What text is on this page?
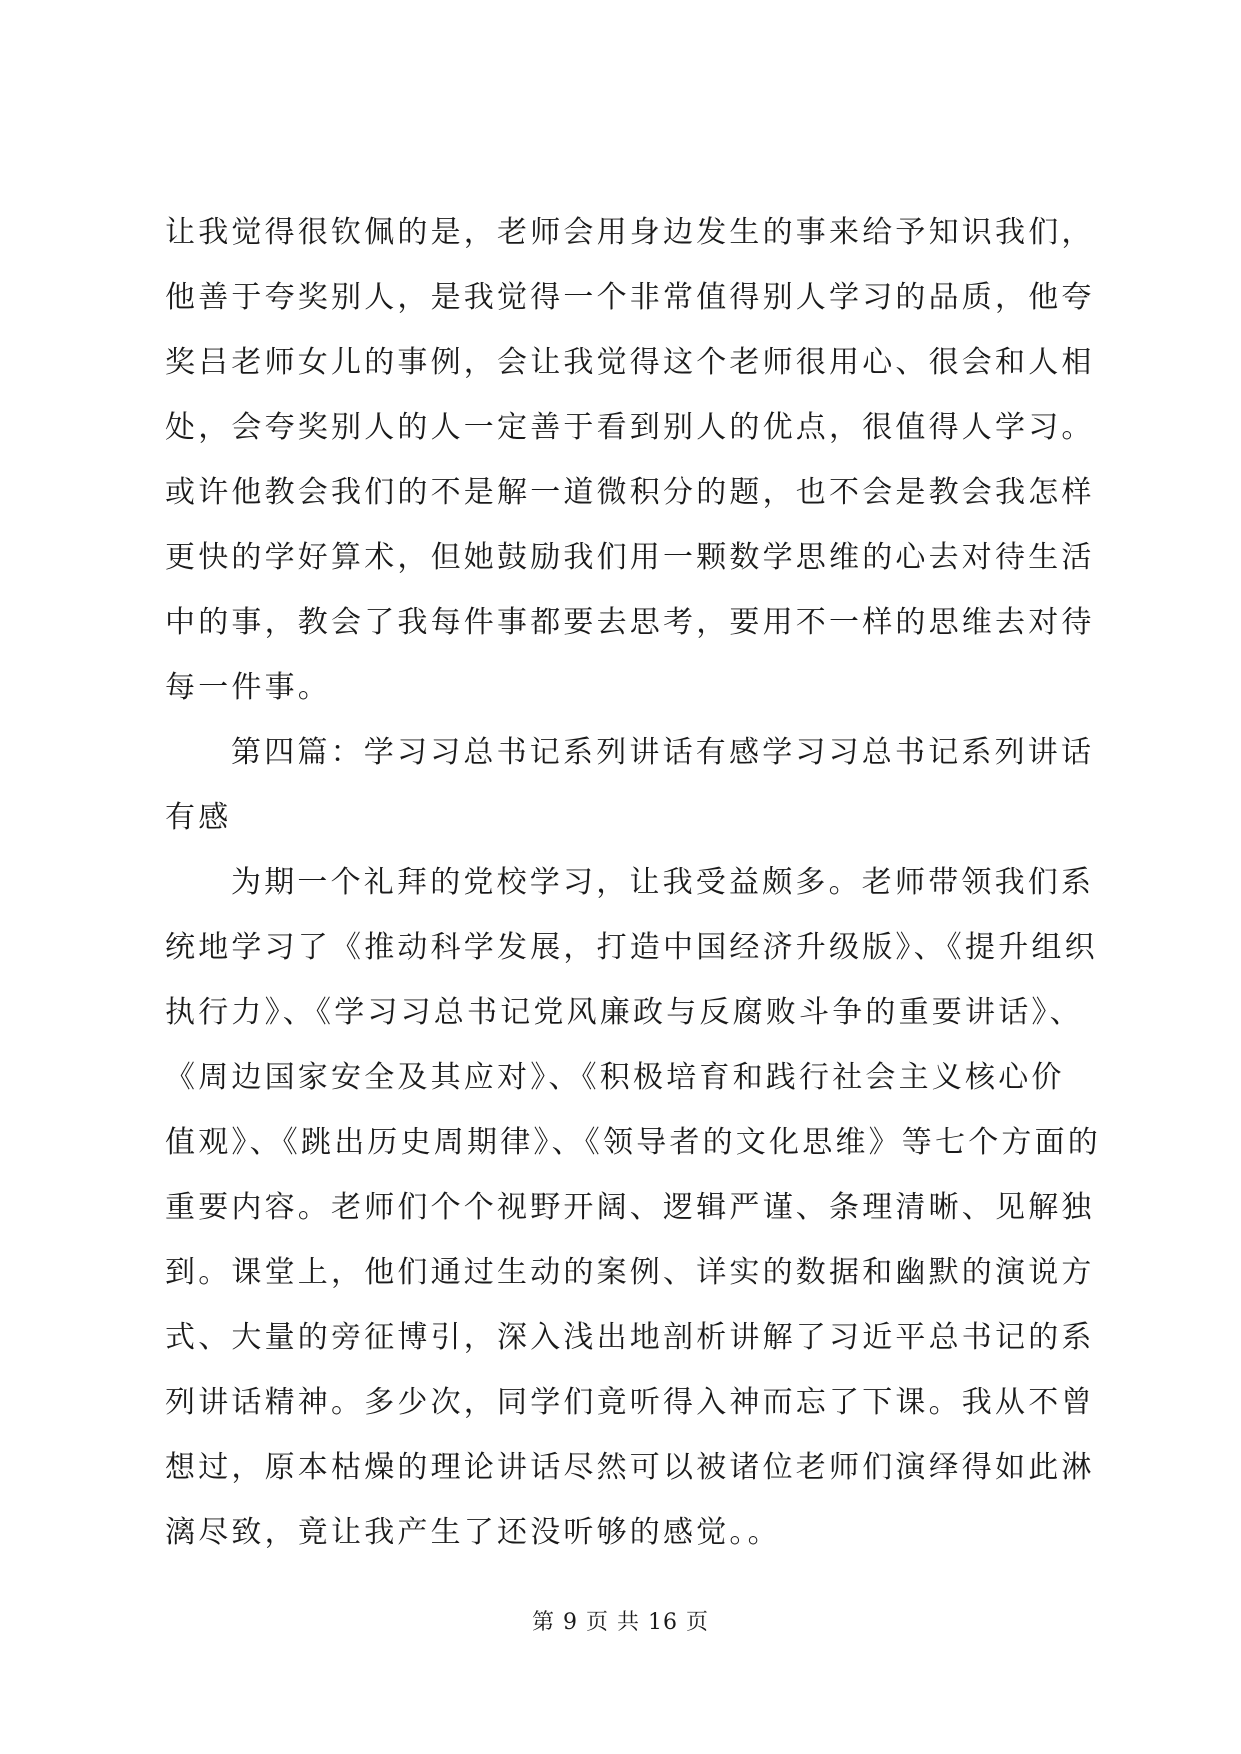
让我觉得很钦佩的是，老师会用身边发生的事来给予知识我们，
他善于夸奖别人，是我觉得一个非常值得别人学习的品质，他夸
奖吕老师女儿的事例，会让我觉得这个老师很用心、很会和人相
处，会夸奖别人的人一定善于看到别人的优点，很值得人学习。
或许他教会我们的不是解一道微积分的题，也不会是教会我怎样
更快的学好算术，但她鼓励我们用一颗数学思维的心去对待生活
中的事，教会了我每件事都要去思考，要用不一样的思维去对待
每一件事。
第四篇：学习习总书记系列讲话有感学习习总书记系列讲话
有感
为期一个礼拜的党校学习，让我受益颇多。老师带领我们系
统地学习了《推动科学发展，打造中国经济升级版》、《提升组织
执行力》、《学习习总书记党风廉政与反腐败斗争的重要讲话》、
《周边国家安全及其应对》、《积极培育和践行社会主义核心价
值观》、《跳出历史周期律》、《领导者的文化思维》等七个方面的
重要内容。老师们个个视野开阔、逻辑严谨、条理清晰、见解独
到。课堂上，他们通过生动的案例、详实的数据和幽默的演说方
式、大量的旁征博引，深入浅出地剖析讲解了习近平总书记的系
列讲话精神。多少次，同学们竟听得入神而忘了下课。我从不曾
想过，原本枯燥的理论讲话尽然可以被诸位老师们演绎得如此淋
漓尽致，竟让我产生了还没听够的感觉。。
第 9 页 共 16 页
